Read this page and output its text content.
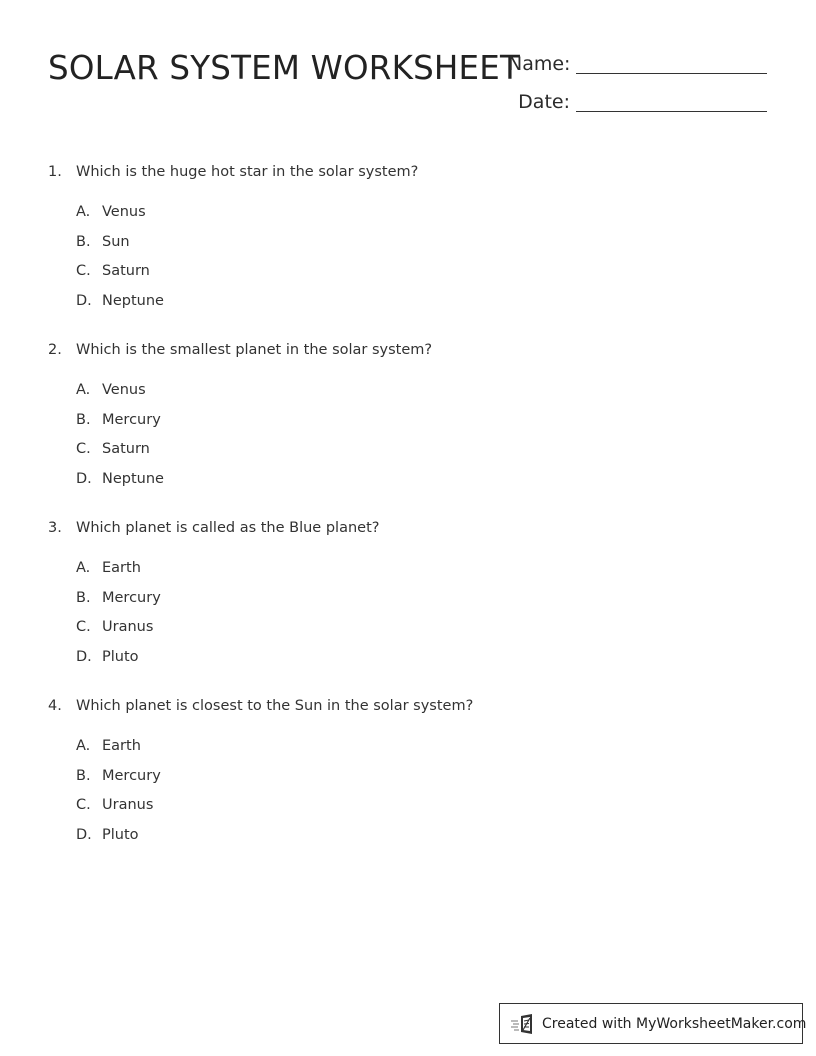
SOLAR SYSTEM WORKSHEET
Name:
Date:
1. Which is the huge hot star in the solar system?
A. Venus
B. Sun
C. Saturn
D. Neptune
2. Which is the smallest planet in the solar system?
A. Venus
B. Mercury
C. Saturn
D. Neptune
3. Which planet is called as the Blue planet?
A. Earth
B. Mercury
C. Uranus
D. Pluto
4. Which planet is closest to the Sun in the solar system?
A. Earth
B. Mercury
C. Uranus
D. Pluto
Created with MyWorksheetMaker.com
